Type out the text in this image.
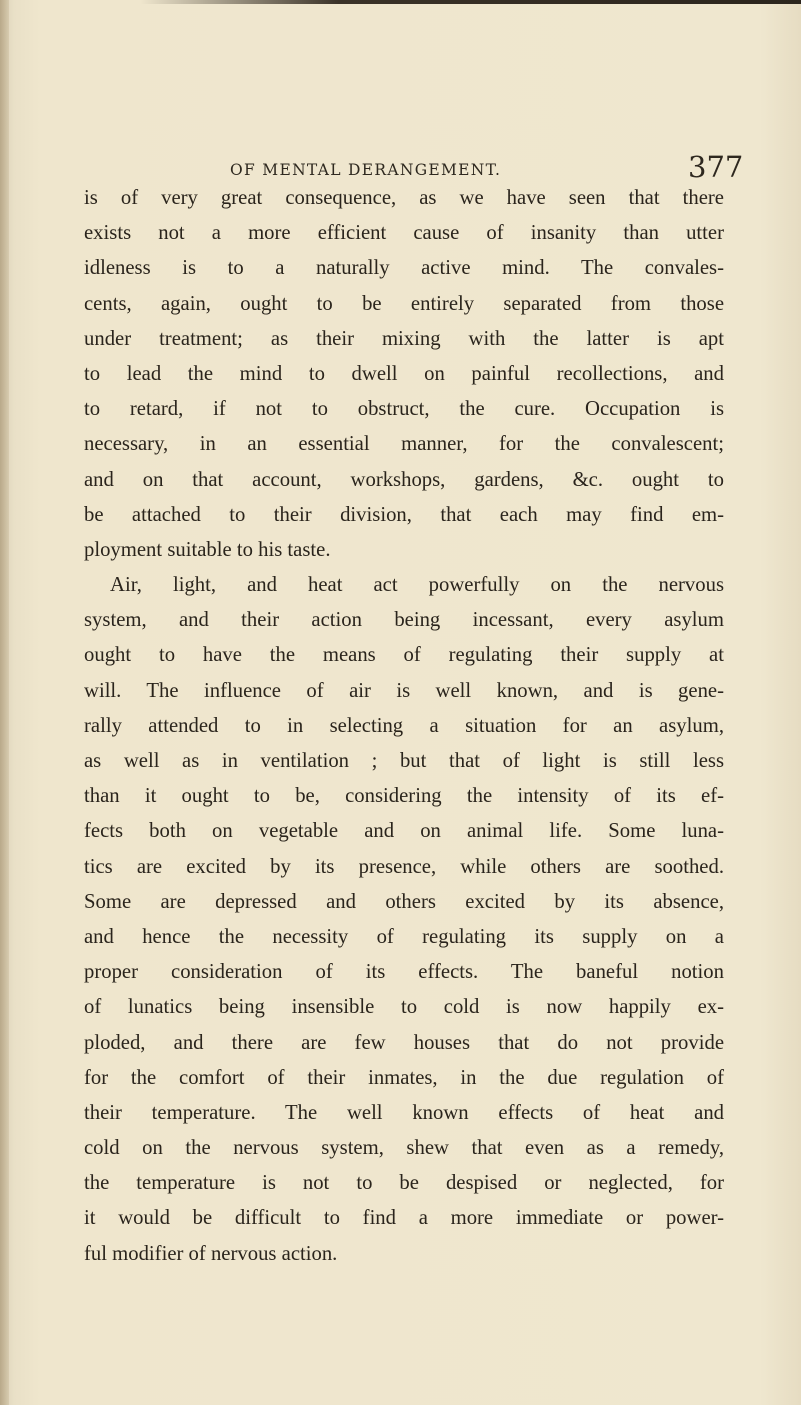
OF MENTAL DERANGEMENT.	377
is of very great consequence, as we have seen that there
exists not a more efficient cause of insanity than utter
idleness is to a naturally active mind. The convales-
cents, again, ought to be entirely separated from those
under treatment; as their mixing with the latter is apt
to lead the mind to dwell on painful recollections, and
to retard, if not to obstruct, the cure. Occupation is
necessary, in an essential manner, for the convalescent;
and on that account, workshops, gardens, &c. ought to
be attached to their division, that each may find em-
ployment suitable to his taste.
Air, light, and heat act powerfully on the nervous
system, and their action being incessant, every asylum
ought to have the means of regulating their supply at
will. The influence of air is well known, and is gene-
rally attended to in selecting a situation for an asylum,
as well as in ventilation ; but that of light is still less
than it ought to be, considering the intensity of its ef-
fects both on vegetable and on animal life. Some luna-
tics are excited by its presence, while others are soothed.
Some are depressed and others excited by its absence,
and hence the necessity of regulating its supply on a
proper consideration of its effects. The baneful notion
of lunatics being insensible to cold is now happily ex-
ploded, and there are few houses that do not provide
for the comfort of their inmates, in the due regulation of
their temperature. The well known effects of heat and
cold on the nervous system, shew that even as a remedy,
the temperature is not to be despised or neglected, for
it would be difficult to find a more immediate or power-
ful modifier of nervous action.
